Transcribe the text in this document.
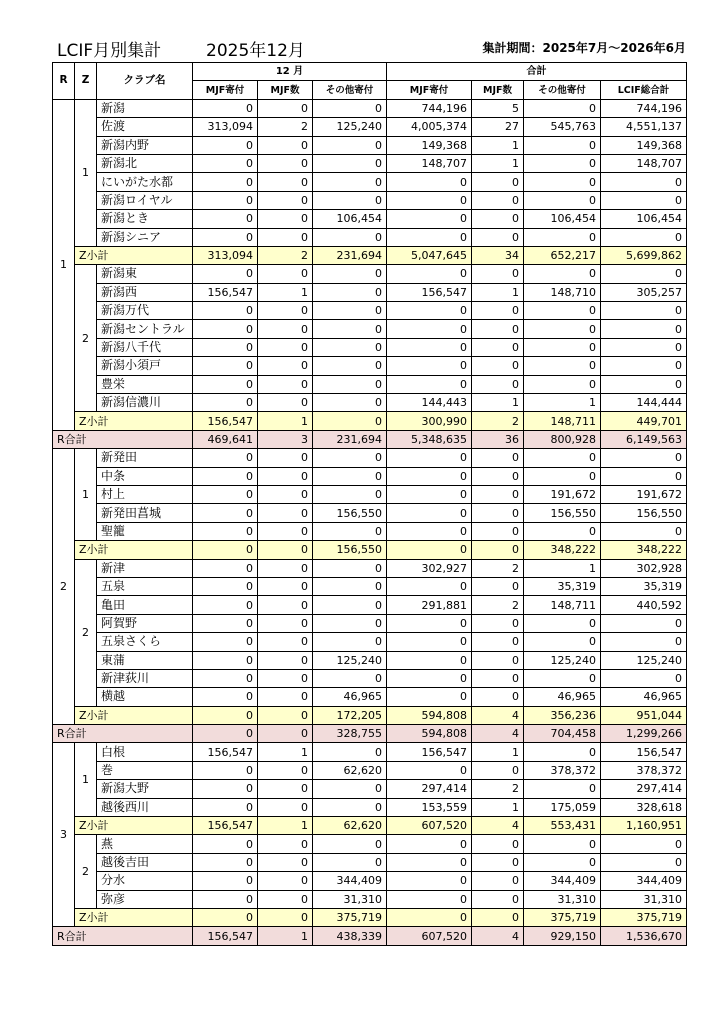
LCIF月別集計	2025年12月	集計期間：2025年7月～2026年6月
R	Z	クラブ名	12 月			合計			
			MJF寄付	MJF数	その他寄付	MJF寄付	MJF数	その他寄付	LCIF総合計
1	1	新潟	0	0	0	744,196	5	0	744,196
		佐渡	313,094	2	125,240	4,005,374	27	545,763	4,551,137
		新潟内野	0	0	0	149,368	1	0	149,368
		新潟北	0	0	0	148,707	1	0	148,707
		にいがた水都	0	0	0	0	0	0	0
		新潟ロイヤル	0	0	0	0	0	0	0
		新潟とき	0	0	106,454	0	0	106,454	106,454
		新潟シニア	0	0	0	0	0	0	0
	Z小計		313,094	2	231,694	5,047,645	34	652,217	5,699,862
	2	新潟東	0	0	0	0	0	0	0
		新潟西	156,547	1	0	156,547	1	148,710	305,257
		新潟万代	0	0	0	0	0	0	0
		新潟セントラル	0	0	0	0	0	0	0
		新潟八千代	0	0	0	0	0	0	0
		新潟小須戸	0	0	0	0	0	0	0
		豊栄	0	0	0	0	0	0	0
		新潟信濃川	0	0	0	144,443	1	1	144,444
	Z小計		156,547	1	0	300,990	2	148,711	449,701
R合計			469,641	3	231,694	5,348,635	36	800,928	6,149,563
2	1	新発田	0	0	0	0	0	0	0
		中条	0	0	0	0	0	0	0
		村上	0	0	0	0	0	191,672	191,672
		新発田菖城	0	0	156,550	0	0	156,550	156,550
		聖籠	0	0	0	0	0	0	0
	Z小計		0	0	156,550	0	0	348,222	348,222
	2	新津	0	0	0	302,927	2	1	302,928
		五泉	0	0	0	0	0	35,319	35,319
		亀田	0	0	0	291,881	2	148,711	440,592
		阿賀野	0	0	0	0	0	0	0
		五泉さくら	0	0	0	0	0	0	0
		東蒲	0	0	125,240	0	0	125,240	125,240
		新津荻川	0	0	0	0	0	0	0
		横越	0	0	46,965	0	0	46,965	46,965
	Z小計		0	0	172,205	594,808	4	356,236	951,044
R合計			0	0	328,755	594,808	4	704,458	1,299,266
3	1	白根	156,547	1	0	156,547	1	0	156,547
		巻	0	0	62,620	0	0	378,372	378,372
		新潟大野	0	0	0	297,414	2	0	297,414
		越後西川	0	0	0	153,559	1	175,059	328,618
	Z小計		156,547	1	62,620	607,520	4	553,431	1,160,951
	2	燕	0	0	0	0	0	0	0
		越後吉田	0	0	0	0	0	0	0
		分水	0	0	344,409	0	0	344,409	344,409
		弥彦	0	0	31,310	0	0	31,310	31,310
	Z小計		0	0	375,719	0	0	375,719	375,719
R合計			156,547	1	438,339	607,520	4	929,150	1,536,670
